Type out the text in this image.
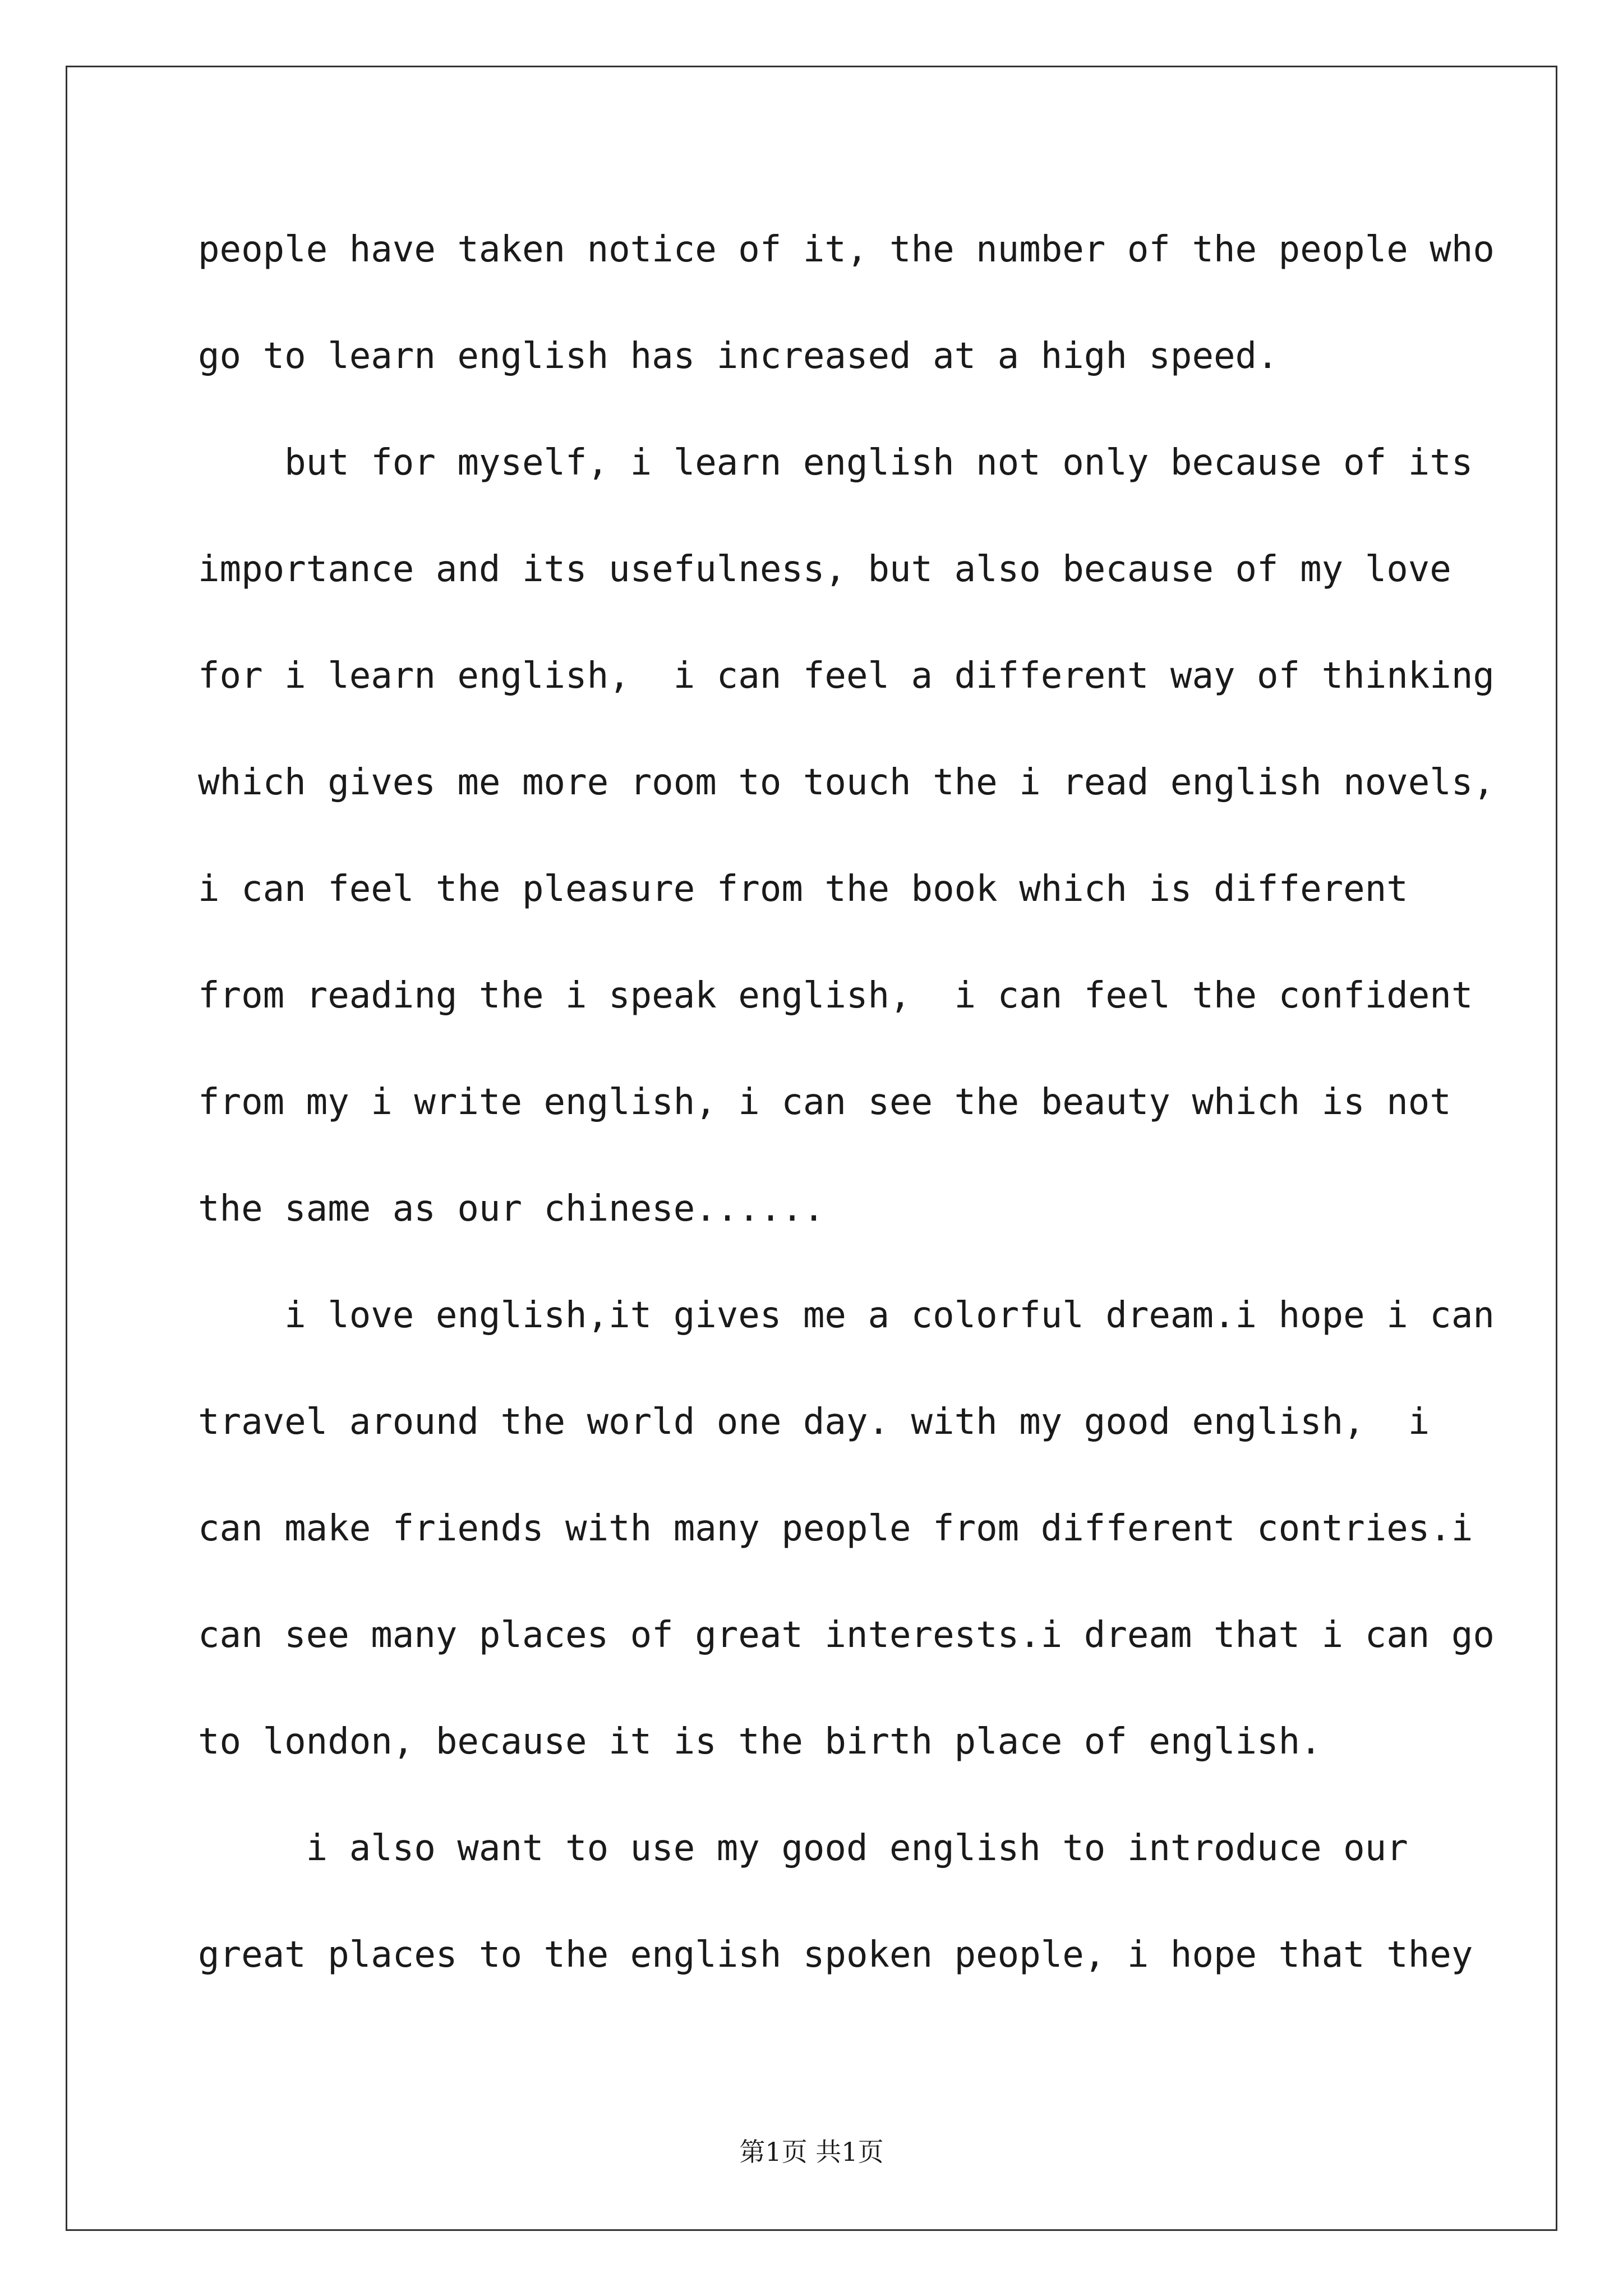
people have taken notice of it, the number of the people who
go to learn english has increased at a high speed.
but for myself, i learn english not only because of its
importance and its usefulness, but also because of my love
for i learn english,  i can feel a different way of thinking
which gives me more room to touch the i read english novels,
i can feel the pleasure from the book which is different
from reading the i speak english,  i can feel the confident
from my i write english, i can see the beauty which is not
the same as our chinese......
i love english,it gives me a colorful dream.i hope i can
travel around the world one day. with my good english,  i
can make friends with many people from different contries.i
can see many places of great interests.i dream that i can go
to london, because it is the birth place of english.
i also want to use my good english to introduce our
great places to the english spoken people, i hope that they
第1页 共1页
